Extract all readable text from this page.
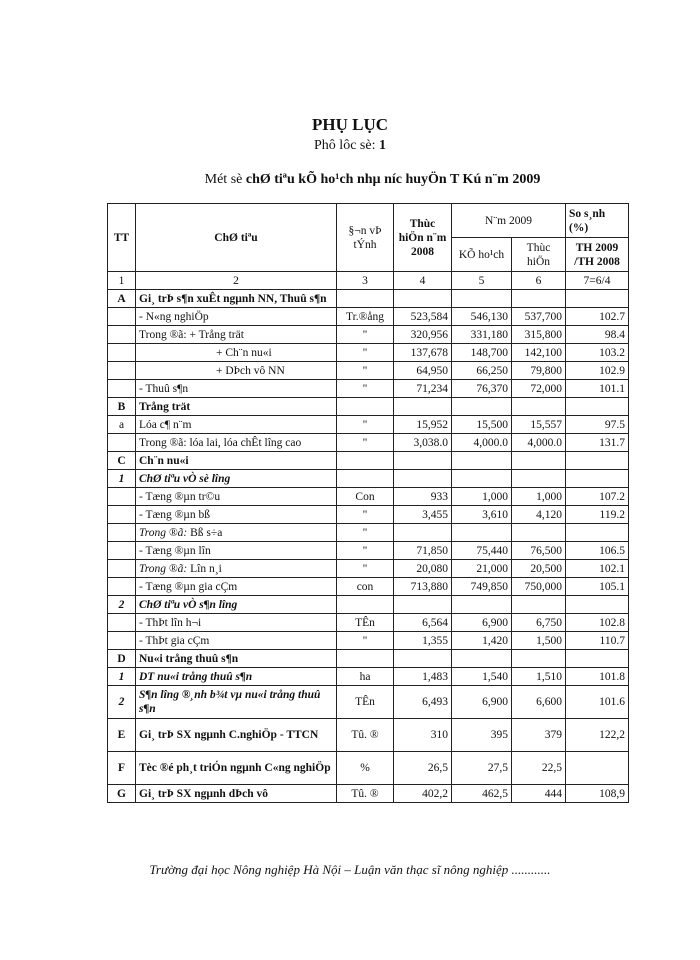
PHỤ LỤC
Phô lôc sè: 1
Mét sè chØ tiªu kÕ ho¹ch nhµ níc huyÖn T Kú n¨m 2009
TT	ChØ tiªu	§¬n vÞ tÝnh	Thùc hiÖn n¨m 2008	N¨m 2009		So s¸nh (%)
				KÕ ho¹ch	Thùc hiÖn	TH 2009 /TH 2008
1	2	3	4	5	6	7=6/4
A	Gi¸ trÞ s¶n xuÊt ngµnh NN, Thuû s¶n					
	- N«ng nghiÖp	Tr.®ång	523,584	546,130	537,700	102.7
	Trong ®ã: + Trång trät	"	320,956	331,180	315,800	98.4
	+ Ch¨n nu«i	"	137,678	148,700	142,100	103.2
	+ DÞch vô NN	"	64,950	66,250	79,800	102.9
	- Thuû s¶n	"	71,234	76,370	72,000	101.1
B	Trång trät					
a	Lóa c¶ n¨m	"	15,952	15,500	15,557	97.5
	Trong ®ã: lóa lai, lóa chÊt lîng cao	"	3,038.0	4,000.0	4,000.0	131.7
C	Ch¨n nu«i					
1	ChØ tiªu vÒ sè lîng					
	- Tæng ®µn tr©u	Con	933	1,000	1,000	107.2
	- Tæng ®µn bß	"	3,455	3,610	4,120	119.2
	Trong ®ã: Bß s÷a	"				
	- Tæng ®µn lîn	"	71,850	75,440	76,500	106.5
	Trong ®ã: Lîn n¸i	"	20,080	21,000	20,500	102.1
	- Tæng ®µn gia cÇm	con	713,880	749,850	750,000	105.1
2	ChØ tiªu vÒ s¶n lîng					
	- ThÞt lîn h¬i	TÊn	6,564	6,900	6,750	102.8
	- ThÞt gia cÇm	"	1,355	1,420	1,500	110.7
D	Nu«i trång thuû s¶n					
1	DT nu«i trång thuû s¶n	ha	1,483	1,540	1,510	101.8
2	S¶n lîng ®¸nh b¾t vµ nu«i trång thuû s¶n	TÊn	6,493	6,900	6,600	101.6
E	Gi¸ trÞ SX ngµnh C.nghiÖp - TTCN	Tû. ®	310	395	379	122,2
F	Tèc ®é ph¸t triÓn ngµnh C«ng nghiÖp	%	26,5	27,5	22,5	
G	Gi¸ trÞ SX ngµnh dÞch vô	Tû. ®	402,2	462,5	444	108,9
Trường đại học Nông nghiệp Hà Nội – Luận văn thạc sĩ nông nghiệp ............
